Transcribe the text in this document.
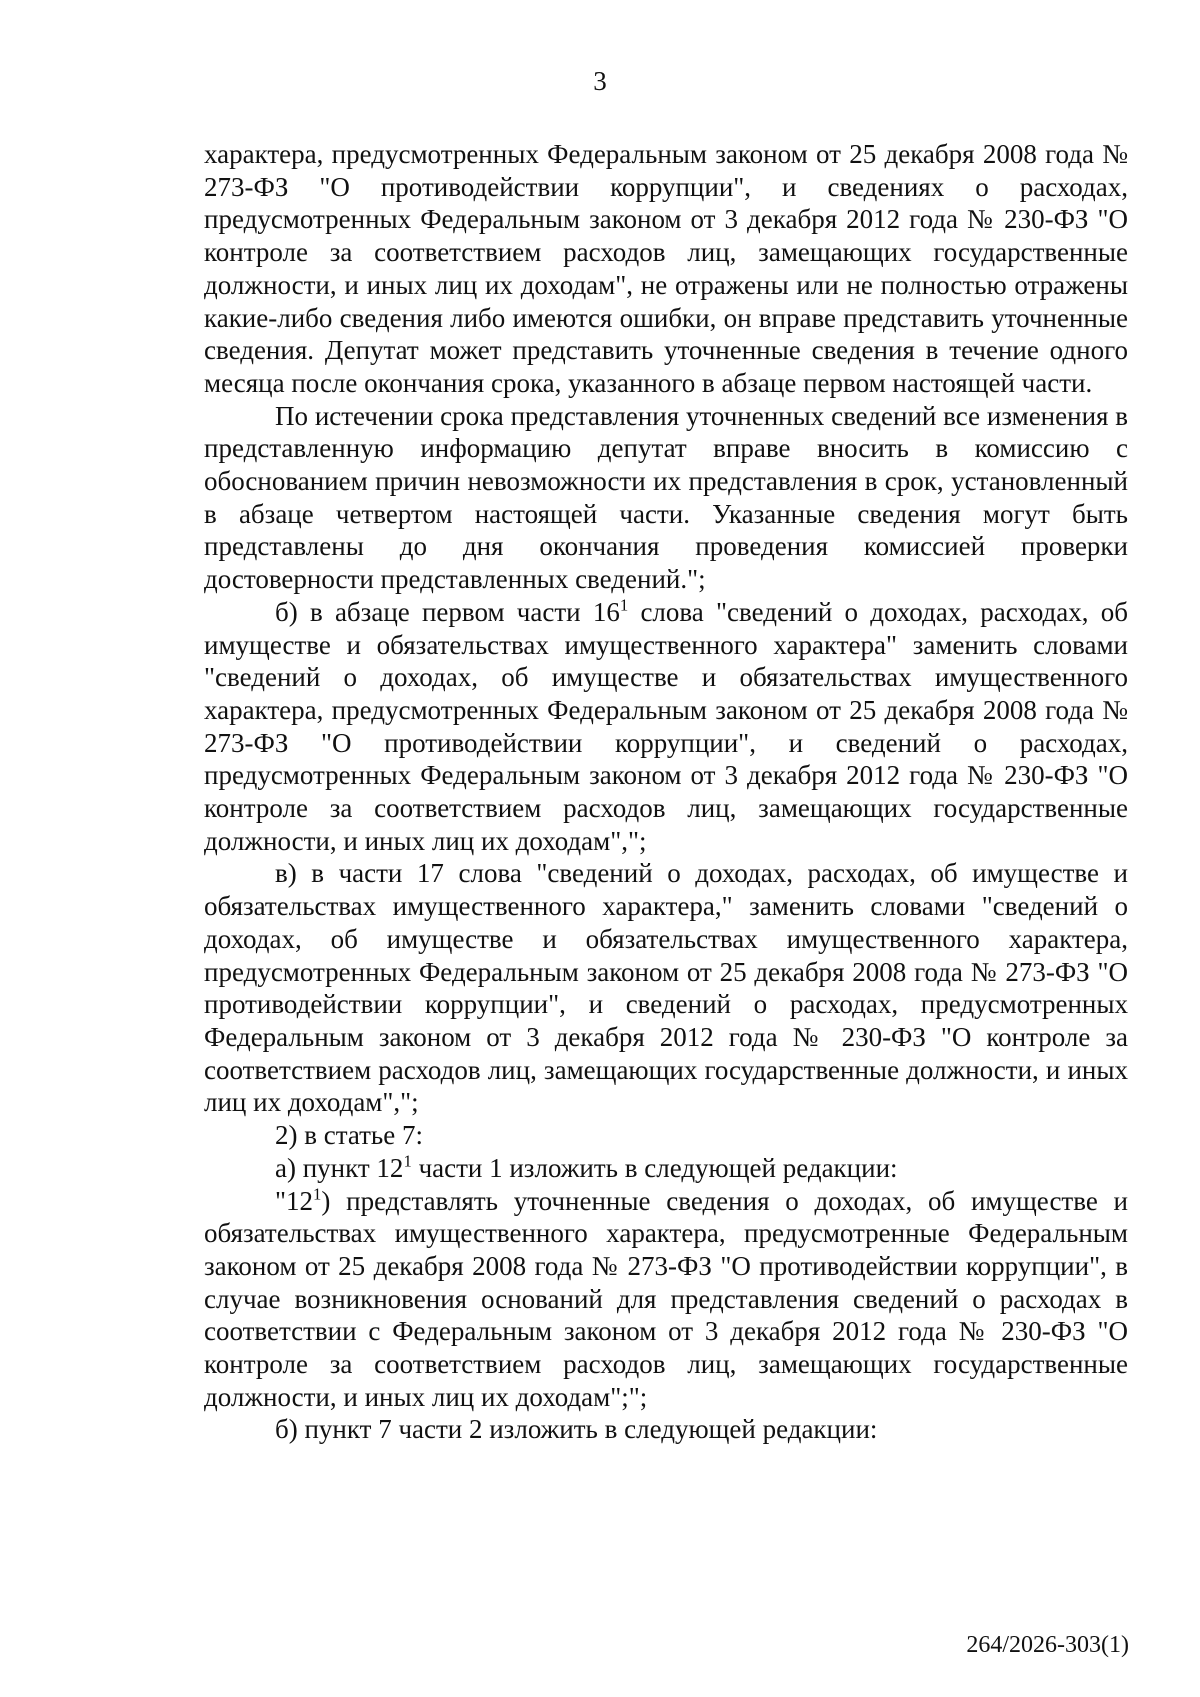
3

характера, предусмотренных Федеральным законом от 25 декабря 2008 года № 273-ФЗ "О противодействии коррупции", и сведениях о расходах, предусмотренных Федеральным законом от 3 декабря 2012 года № 230-ФЗ "О контроле за соответствием расходов лиц, замещающих государственные должности, и иных лиц их доходам", не отражены или не полностью отражены какие-либо сведения либо имеются ошибки, он вправе представить уточненные сведения. Депутат может представить уточненные сведения в течение одного месяца после окончания срока, указанного в абзаце первом настоящей части.

По истечении срока представления уточненных сведений все изменения в представленную информацию депутат вправе вносить в комиссию с обоснованием причин невозможности их представления в срок, установленный в абзаце четвертом настоящей части. Указанные сведения могут быть представлены до дня окончания проведения комиссией проверки достоверности представленных сведений.";

б) в абзаце первом части $16^1$ слова "сведений о доходах, расходах, об имуществе и обязательствах имущественного характера" заменить словами "сведений о доходах, об имуществе и обязательствах имущественного характера, предусмотренных Федеральным законом от 25 декабря 2008 года № 273-ФЗ "О противодействии коррупции", и сведений о расходах, предусмотренных Федеральным законом от 3 декабря 2012 года № 230-ФЗ "О контроле за соответствием расходов лиц, замещающих государственные должности, и иных лиц их доходам",";

в) в части 17 слова "сведений о доходах, расходах, об имуществе и обязательствах имущественного характера," заменить словами "сведений о доходах, об имуществе и обязательствах имущественного характера, предусмотренных Федеральным законом от 25 декабря 2008 года № 273-ФЗ "О противодействии коррупции", и сведений о расходах, предусмотренных Федеральным законом от 3 декабря 2012 года № 230-ФЗ "О контроле за соответствием расходов лиц, замещающих государственные должности, и иных лиц их доходам",";

2) в статье 7:

а) пункт $12^1$ части 1 изложить в следующей редакции:

"$12^1$) представлять уточненные сведения о доходах, об имуществе и обязательствах имущественного характера, предусмотренные Федеральным законом от 25 декабря 2008 года № 273-ФЗ "О противодействии коррупции", в случае возникновения оснований для представления сведений о расходах в соответствии с Федеральным законом от 3 декабря 2012 года № 230-ФЗ "О контроле за соответствием расходов лиц, замещающих государственные должности, и иных лиц их доходам";";

б) пункт 7 части 2 изложить в следующей редакции:

264/2026-303(1)
